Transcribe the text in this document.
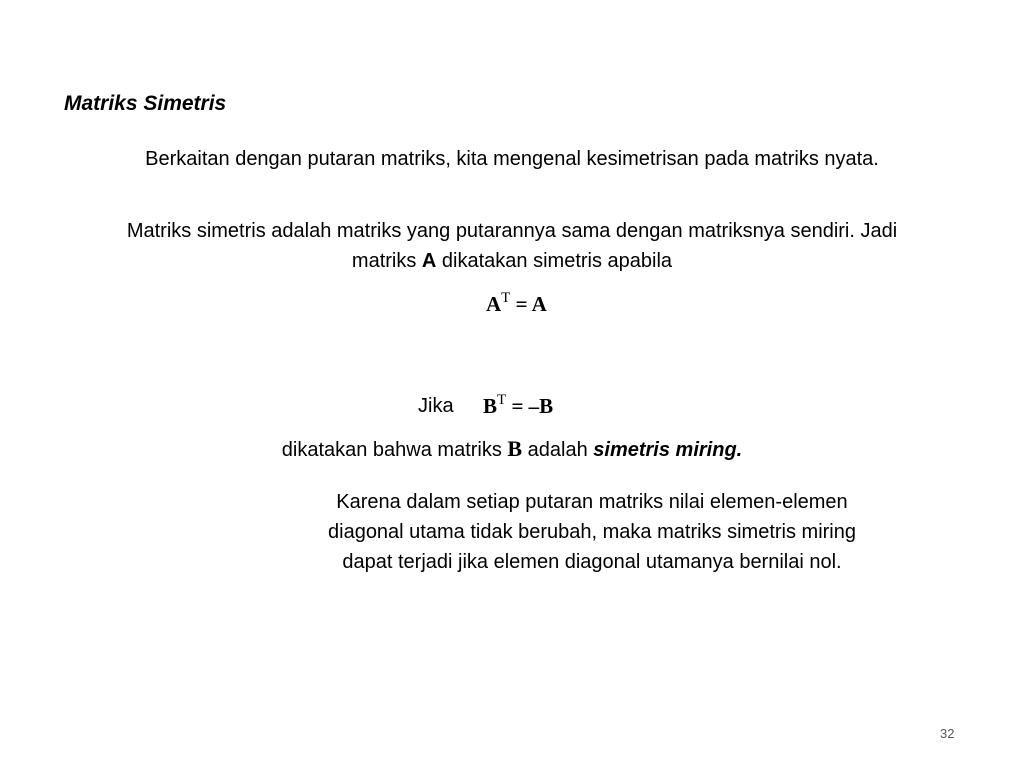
Matriks Simetris
Berkaitan dengan putaran matriks, kita mengenal kesimetrisan pada matriks nyata.
Matriks simetris adalah matriks yang putarannya sama dengan matriksnya sendiri. Jadi matriks A dikatakan simetris apabila
$A^T = A$
Jika $B^T = -B$
dikatakan bahwa matriks B adalah simetris miring.
Karena dalam setiap putaran matriks nilai elemen-elemen diagonal utama tidak berubah, maka matriks simetris miring dapat terjadi jika elemen diagonal utamanya bernilai nol.
32
